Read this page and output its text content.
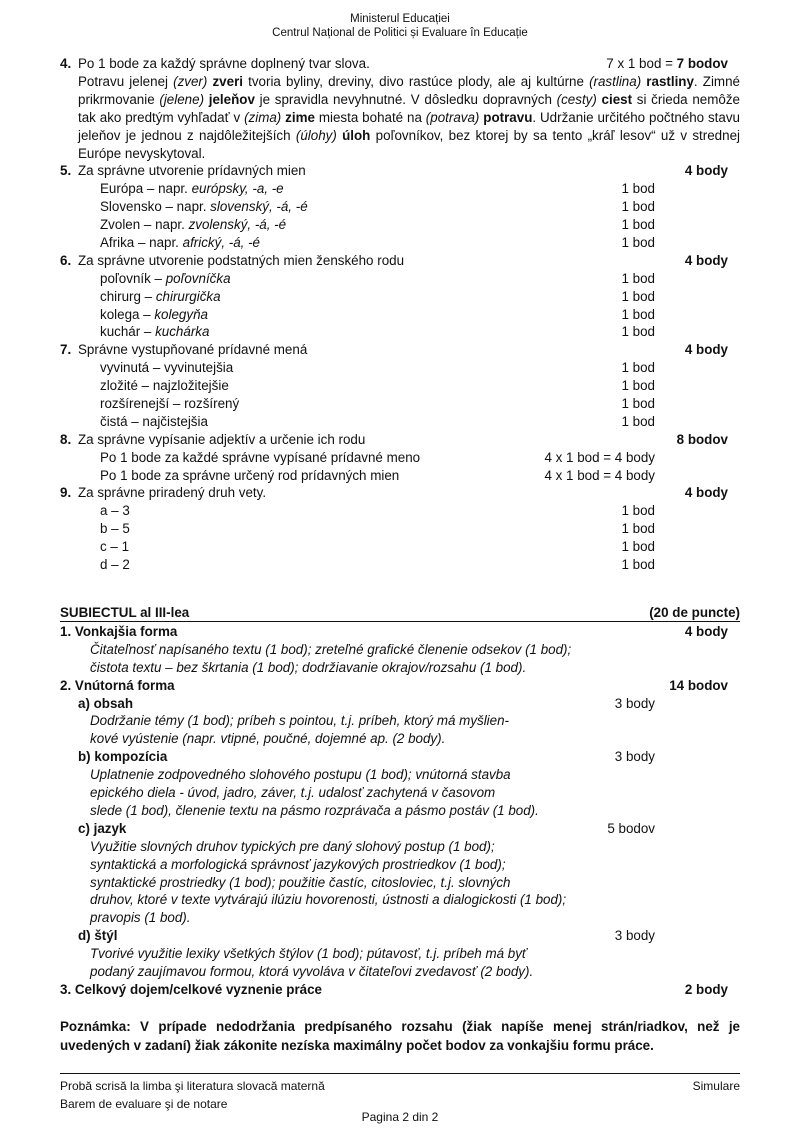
Ministerul Educației
Centrul Național de Politici și Evaluare în Educație
4. Po 1 bode za každý správne doplnený tvar slova.	7 x 1 bod = 7 bodov
Potravu jelenej (zver) zveri tvoria byliny, dreviny, divo rastúce plody, ale aj kultúrne (rastlina) rastliny. Zimné prikrmovanie (jelene) jeleňov je spravidla nevyhnutné. V dôsledku dopravných (cesty) ciest si črieda nemôže tak ako predtým vyhľadať v (zima) zime miesta bohaté na (potrava) potravu. Udržanie určitého počtného stavu jeleňov je jednou z najdôležitejších (úlohy) úloh poľovníkov, bez ktorej by sa tento „kráľ lesov“ už v strednej Európe nevyskytoval.
5. Za správne utvorenie prídavných mien	4 body
Európa – napr. európsky, -a, -e	1 bod
Slovensko – napr. slovenský, -á, -é	1 bod
Zvolen – napr. zvolenský, -á, -é	1 bod
Afrika – napr. africký, -á, -é	1 bod
6. Za správne utvorenie podstatných mien ženského rodu	4 body
poľovník – poľovníčka	1 bod
chirurg – chirurgička	1 bod
kolega – kolegyňa	1 bod
kuchár – kuchárka	1 bod
7. Správne vystupňované prídavné mená	4 body
vyvinutá – vyvinutejšia	1 bod
zložité – najzložitejšie	1 bod
rozšírenejší – rozšírený	1 bod
čistá – najčistejšia	1 bod
8. Za správne vypísanie adjektív a určenie ich rodu	8 bodov
Po 1 bode za každé správne vypísané prídavné meno	4 x 1 bod = 4 body
Po 1 bode za správne určený rod prídavných mien	4 x 1 bod = 4 body
9. Za správne priradený druh vety.	4 body
a – 3	1 bod
b – 5	1 bod
c – 1	1 bod
d – 2	1 bod
SUBIECTUL al III-lea	(20 de puncte)
1. Vonkajšia forma	4 body
Čitateľnosť napísaného textu (1 bod); zreteľné grafické členenie odsekov (1 bod);
čistota textu – bez škrtania (1 bod); dodržiavanie okrajov/rozsahu (1 bod).
2. Vnútorná forma	14 bodov
a) obsah	3 body
Dodržanie témy (1 bod); príbeh s pointou, t.j. príbeh, ktorý má myšlien-
kové vyústenie (napr. vtipné, poučné, dojemné ap. (2 body).
b) kompozícia	3 body
Uplatnenie zodpovedného slohového postupu (1 bod); vnútorná stavba
epického diela - úvod, jadro, záver, t.j. udalosť zachytená v časovom
slede (1 bod), členenie textu na pásmo rozprávača a pásmo postáv (1 bod).
c) jazyk	5 bodov
Využitie slovných druhov typických pre daný slohový postup (1 bod);
syntaktická a morfologická správnosť jazykových prostriedkov (1 bod);
syntaktické prostriedky (1 bod); použitie častíc, citosloviec, t.j. slovných
druhov, ktoré v texte vytvárajú ilúziu hovorenosti, ústnosti a dialogickosti (1 bod);
pravopis (1 bod).
d) štýl	3 body
Tvorivé využitie lexiky všetkých štýlov (1 bod); pútavosť, t.j. príbeh má byť
podaný zaujímavou formou, ktorá vyvoláva v čitateľovi zvedavosť (2 body).
3. Celkový dojem/celkové vyznenie práce	2 body
Poznámka: V prípade nedodržania predpísaného rozsahu (žiak napíše menej strán/riadkov, než je uvedených v zadaní) žiak zákonite nezíska maximálny počet bodov za vonkajšiu formu práce.
Probă scrisă la limba şi literatura slovacă maternă
Barem de evaluare şi de notare
Simulare
Pagina 2 din 2
